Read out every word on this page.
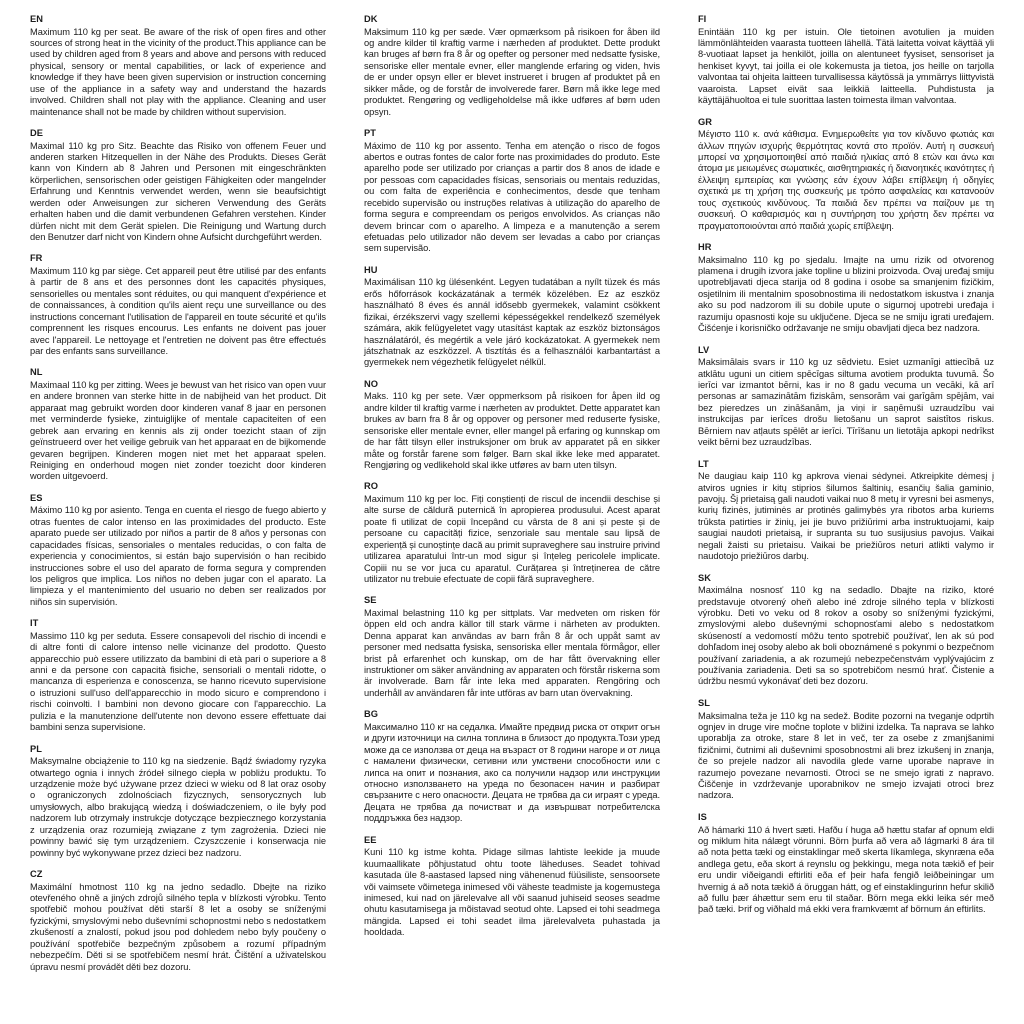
EN

Maximum 110 kg per seat. Be aware of the risk of open fires and other sources of strong heat in the vicinity of the product.This appliance can be used by children aged from 8 years and above and persons with reduced physical, sensory or mental capabilities, or lack of experience and knowledge if they have been given supervision or instruction concerning use of the appliance in a safety way and understand the hazards involved. Children shall not play with the appliance. Cleaning and user maintenance shall not be made by children without supervision.

DE

Maximal 110 kg pro Sitz. Beachte das Risiko von offenem Feuer und anderen starken Hitzequellen in der Nähe des Produkts. Dieses Gerät kann von Kindern ab 8 Jahren und Personen mit eingeschränkten körperlichen, sensorischen oder geistigen Fähigkeiten oder mangelnder Erfahrung und Kenntnis verwendet werden, wenn sie beaufsichtigt werden oder Anweisungen zur sicheren Verwendung des Geräts erhalten haben und die damit verbundenen Gefahren verstehen. Kinder dürfen nicht mit dem Gerät spielen. Die Reinigung und Wartung durch den Benutzer darf nicht von Kindern ohne Aufsicht durchgeführt werden.

FR

Maximum 110 kg par siège. Cet appareil peut être utilisé par des enfants à partir de 8 ans et des personnes dont les capacités physiques, sensorielles ou mentales sont réduites, ou qui manquent d'expérience et de connaissances, à condition qu'ils aient reçu une surveillance ou des instructions concernant l'utilisation de l'appareil en toute sécurité et qu'ils comprennent les risques encourus. Les enfants ne doivent pas jouer avec l'appareil. Le nettoyage et l'entretien ne doivent pas être effectués par des enfants sans surveillance.

NL

Maximaal 110 kg per zitting. Wees je bewust van het risico van open vuur en andere bronnen van sterke hitte in de nabijheid van het product. Dit apparaat mag gebruikt worden door kinderen vanaf 8 jaar en personen met verminderde fysieke, zintuiglijke of mentale capaciteiten of een gebrek aan ervaring en kennis als zij onder toezicht staan of zijn geïnstrueerd over het veilige gebruik van het apparaat en de bijkomende gevaren begrijpen. Kinderen mogen niet met het apparaat spelen. Reiniging en onderhoud mogen niet zonder toezicht door kinderen worden uitgevoerd.

ES

Máximo 110 kg por asiento. Tenga en cuenta el riesgo de fuego abierto y otras fuentes de calor intenso en las proximidades del producto. Este aparato puede ser utilizado por niños a partir de 8 años y personas con capacidades físicas, sensoriales o mentales reducidas, o con falta de experiencia y conocimientos, si están bajo supervisión o han recibido instrucciones sobre el uso del aparato de forma segura y comprenden los peligros que implica. Los niños no deben jugar con el aparato. La limpieza y el mantenimiento del usuario no deben ser realizados por niños sin supervisión.

IT

Massimo 110 kg per seduta. Essere consapevoli del rischio di incendi e di altre fonti di calore intenso nelle vicinanze del prodotto. Questo apparecchio può essere utilizzato da bambini di età pari o superiore a 8 anni e da persone con capacità fisiche, sensoriali o mentali ridotte, o mancanza di esperienza e conoscenza, se hanno ricevuto supervisione o istruzioni sull'uso dell'apparecchio in modo sicuro e comprendono i rischi coinvolti. I bambini non devono giocare con l'apparecchio. La pulizia e la manutenzione dell'utente non devono essere effettuate dai bambini senza supervisione.

PL

Maksymalne obciążenie to 110 kg na siedzenie. Bądź świadomy ryzyka otwartego ognia i innych źródeł silnego ciepła w pobliżu produktu. To urządzenie może być używane przez dzieci w wieku od 8 lat oraz osoby o ograniczonych zdolnościach fizycznych, sensorycznych lub umysłowych, albo brakującą wiedzą i doświadczeniem, o ile były pod nadzorem lub otrzymały instrukcje dotyczące bezpiecznego korzystania z urządzenia oraz rozumieją związane z tym zagrożenia. Dzieci nie powinny bawić się tym urządzeniem. Czyszczenie i konserwacja nie powinny być wykonywane przez dzieci bez nadzoru.

CZ

Maximální hmotnost 110 kg na jedno sedadlo. Dbejte na riziko otevřeného ohně a jiných zdrojů silného tepla v blízkosti výrobku. Tento spotřebič mohou používat děti starší 8 let a osoby se sníženými fyzickými, smyslovými nebo duševními schopnostmi nebo s nedostatkem zkušeností a znalostí, pokud jsou pod dohledem nebo byly poučeny o používání spotřebiče bezpečným způsobem a rozumí případným nebezpečím. Děti si se spotřebičem nesmí hrát. Čištění a uživatelskou úpravu nesmí provádět děti bez dozoru.

DK

Maksimum 110 kg per sæde. Vær opmærksom på risikoen for åben ild og andre kilder til kraftig varme i nærheden af produktet. Dette produkt kan bruges af børn fra 8 år og opefter og personer med nedsatte fysiske, sensoriske eller mentale evner, eller manglende erfaring og viden, hvis de er under opsyn eller er blevet instrueret i brugen af produktet på en sikker måde, og de forstår de involverede farer. Børn må ikke lege med produktet. Rengøring og vedligeholdelse må ikke udføres af børn uden opsyn.

PT

Máximo de 110 kg por assento. Tenha em atenção o risco de fogos abertos e outras fontes de calor forte nas proximidades do produto. Este aparelho pode ser utilizado por crianças a partir dos 8 anos de idade e por pessoas com capacidades físicas, sensoriais ou mentais reduzidas, ou com falta de experiência e conhecimentos, desde que tenham recebido supervisão ou instruções relativas à utilização do aparelho de forma segura e compreendam os perigos envolvidos. As crianças não devem brincar com o aparelho. A limpeza e a manutenção a serem efetuadas pelo utilizador não devem ser levadas a cabo por crianças sem supervisão.

HU

Maximálisan 110 kg ülésenként. Legyen tudatában a nyílt tüzek és más erős hőforrások kockázatának a termék közelében. Ez az eszköz használható 8 éves és annál idősebb gyermekek, valamint csökkent fizikai, érzékszervi vagy szellemi képességekkel rendelkező személyek számára, akik felügyeletet vagy utasítást kaptak az eszköz biztonságos használatáról, és megértik a vele járó kockázatokat. A gyermekek nem játszhatnak az eszközzel. A tisztítás és a felhasználói karbantartást a gyermekek nem végezhetik felügyelet nélkül.

NO

Maks. 110 kg per sete. Vær oppmerksom på risikoen for åpen ild og andre kilder til kraftig varme i nærheten av produktet. Dette apparatet kan brukes av barn fra 8 år og oppover og personer med reduserte fysiske, sensoriske eller mentale evner, eller mangel på erfaring og kunnskap om de har fått tilsyn eller instruksjoner om bruk av apparatet på en sikker måte og forstår farene som følger. Barn skal ikke leke med apparatet. Rengjøring og vedlikehold skal ikke utføres av barn uten tilsyn.

RO

Maximum 110 kg per loc. Fiți conștienți de riscul de incendii deschise și alte surse de căldură puternică în apropierea produsului. Acest aparat poate fi utilizat de copii începând cu vârsta de 8 ani și peste și de persoane cu capacități fizice, senzoriale sau mentale sau lipsă de experiență și cunoștințe dacă au primit supraveghere sau instruire privind utilizarea aparatului într-un mod sigur și înțeleg pericolele implicate. Copiii nu se vor juca cu aparatul. Curățarea și întreținerea de către utilizator nu trebuie efectuate de copii fără supraveghere.

SE

Maximal belastning 110 kg per sittplats. Var medveten om risken för öppen eld och andra källor till stark värme i närheten av produkten. Denna apparat kan användas av barn från 8 år och uppåt samt av personer med nedsatta fysiska, sensoriska eller mentala förmågor, eller brist på erfarenhet och kunskap, om de har fått övervakning eller instruktioner om säker användning av apparaten och förstår riskerna som är involverade. Barn får inte leka med apparaten. Rengöring och underhåll av användaren får inte utföras av barn utan övervakning.

BG

Максимално 110 кг на седалка. Имайте предвид риска от открит огън и други източници на силна топлина в близост до продукта.Този уред може да се използва от деца на възраст от 8 години нагоре и от лица с намалени физически, сетивни или умствени способности или с липса на опит и познания, ако са получили надзор или инструкции относно използването на уреда по безопасен начин и разбират свързаните с него опасности. Децата не трябва да си играят с уреда. Децата не трябва да почистват и да извършват потребителска поддръжка без надзор.

EE

Kuni 110 kg istme kohta. Pidage silmas lahtiste leekide ja muude kuumaallikate põhjustatud ohtu toote läheduses. Seadet tohivad kasutada üle 8-aastased lapsed ning vähenenud füüsiliste, sensoorsete või vaimsete võimetega inimesed või väheste teadmiste ja kogemustega inimesed, kui nad on järelevalve all või saanud juhiseid seoses seadme ohutu kasutamisega ja mõistavad seotud ohte. Lapsed ei tohi seadmega mängida. Lapsed ei tohi seadet ilma järelevalveta puhastada ja hooldada.

FI

Enintään 110 kg per istuin. Ole tietoinen avotulien ja muiden lämmönlähteiden vaarasta tuotteen lähellä. Tätä laitetta voivat käyttää yli 8-vuotiaat lapset ja henkilöt, joilla on alentuneet fyysiset, sensoriset ja henkiset kyvyt, tai joilla ei ole kokemusta ja tietoa, jos heille on tarjolla valvontaa tai ohjeita laitteen turvallisessa käytössä ja ymmärrys liittyvistä vaaroista. Lapset eivät saa leikkiä laitteella. Puhdistusta ja käyttäjähuoltoa ei tule suorittaa lasten toimesta ilman valvontaa.

GR

Μέγιστο 110 κ. ανά κάθισμα. Ενημερωθείτε για τον κίνδυνο φωτιάς και άλλων πηγών ισχυρής θερμότητας κοντά στο προϊόν. Αυτή η συσκευή μπορεί να χρησιμοποιηθεί από παιδιά ηλικίας από 8 ετών και άνω και άτομα με μειωμένες σωματικές, αισθητηριακές ή διανοητικές ικανότητες ή έλλειψη εμπειρίας και γνώσης εάν έχουν λάβει επίβλεψη ή οδηγίες σχετικά με τη χρήση της συσκευής με τρόπο ασφαλείας και κατανοούν τους σχετικούς κινδύνους. Τα παιδιά δεν πρέπει να παίζουν με τη συσκευή. Ο καθαρισμός και η συντήρηση του χρήστη δεν πρέπει να πραγματοποιούνται από παιδιά χωρίς επίβλεψη.

HR

Maksimalno 110 kg po sjedalu. Imajte na umu rizik od otvorenog plamena i drugih izvora jake topline u blizini proizvoda. Ovaj uređaj smiju upotrebljavati djeca starija od 8 godina i osobe sa smanjenim fizičkim, osjetilnim ili mentalnim sposobnostima ili nedostatkom iskustva i znanja ako su pod nadzorom ili su dobile upute o sigurnoj upotrebi uređaja i razumiju opasnosti koje su uključene. Djeca se ne smiju igrati uređajem. Čišćenje i korisničko održavanje ne smiju obavljati djeca bez nadzora.

LV

Maksimālais svars ir 110 kg uz sēdvietu. Esiet uzmanīgi attiecībā uz atklātu uguni un citiem spēcīgas siltuma avotiem produkta tuvumā. Šo ierīci var izmantot bērni, kas ir no 8 gadu vecuma un vecāki, kā arī personas ar samazinātām fiziskām, sensorām vai garīgām spējām, vai bez pieredzes un zināšanām, ja viņi ir saņēmuši uzraudzību vai instrukcijas par ierīces drošu lietošanu un saprot saistītos riskus. Bērniem nav atļauts spēlēt ar ierīci. Tīrīšanu un lietotāja apkopi nedrīkst veikt bērni bez uzraudzības.

LT

Ne daugiau kaip 110 kg apkrova vienai sėdynei. Atkreipkite dėmesį į atviros ugnies ir kitų stiprios šilumos šaltinių, esančių šalia gaminio, pavojų. Šį prietaisą gali naudoti vaikai nuo 8 metų ir vyresni bei asmenys, kurių fizinės, jutiminės ar protinės galimybės yra ribotos arba kuriems trūksta patirties ir žinių, jei jie buvo prižiūrimi arba instruktuojami, kaip saugiai naudoti prietaisą, ir supranta su tuo susijusius pavojus. Vaikai negali žaisti su prietaisu. Vaikai be priežiūros neturi atlikti valymo ir naudotojo priežiūros darbų.

SK

Maximálna nosnosť 110 kg na sedadlo. Dbajte na riziko, ktoré predstavuje otvorený oheň alebo iné zdroje silného tepla v blízkosti výrobku. Deti vo veku od 8 rokov a osoby so sníženými fyzickými, zmyslovými alebo duševnými schopnosťami alebo s nedostatkom skúseností a vedomostí môžu tento spotrebič používať, len ak sú pod dohľadom inej osoby alebo ak boli oboznámené s pokynmi o bezpečnom používaní zariadenia, a ak rozumejú nebezpečenstvám vyplývajúcim z používania zariadenia. Deti sa so spotrebičom nesmú hrať. Čistenie a údržbu nesmú vykonávať deti bez dozoru.

SL

Maksimalna teža je 110 kg na sedež. Bodite pozorni na tveganje odprtih ognjev in druge vire močne toplote v bližini izdelka. Ta naprava se lahko uporablja za otroke, stare 8 let in več, ter za osebe z zmanjšanimi fizičnimi, čutnimi ali duševnimi sposobnostmi ali brez izkušenj in znanja, če so prejele nadzor ali navodila glede varne uporabe naprave in razumejo povezane nevarnosti. Otroci se ne smejo igrati z napravo. Čiščenje in vzdrževanje uporabnikov ne smejo izvajati otroci brez nadzora.

IS

Að hámarki 110 á hvert sæti. Hafðu í huga að hættu stafar af opnum eldi og miklum hita nálægt vörunni. Börn þurfa að vera að lágmarki 8 ára til að nota þetta tæki og einstaklingar með skerta líkamlega, skynræna eða andlega getu, eða skort á reynslu og þekkingu, mega nota tækið ef þeir eru undir viðeigandi eftirliti eða ef þeir hafa fengið leiðbeiningar um hvernig á að nota tækið á öruggan hátt, og ef einstaklingurinn hefur skilið að fullu þær áhættur sem eru til staðar. Börn mega ekki leika sér með það tæki. Þrif og viðhald má ekki vera framkvæmt af börnum án eftirlits.
